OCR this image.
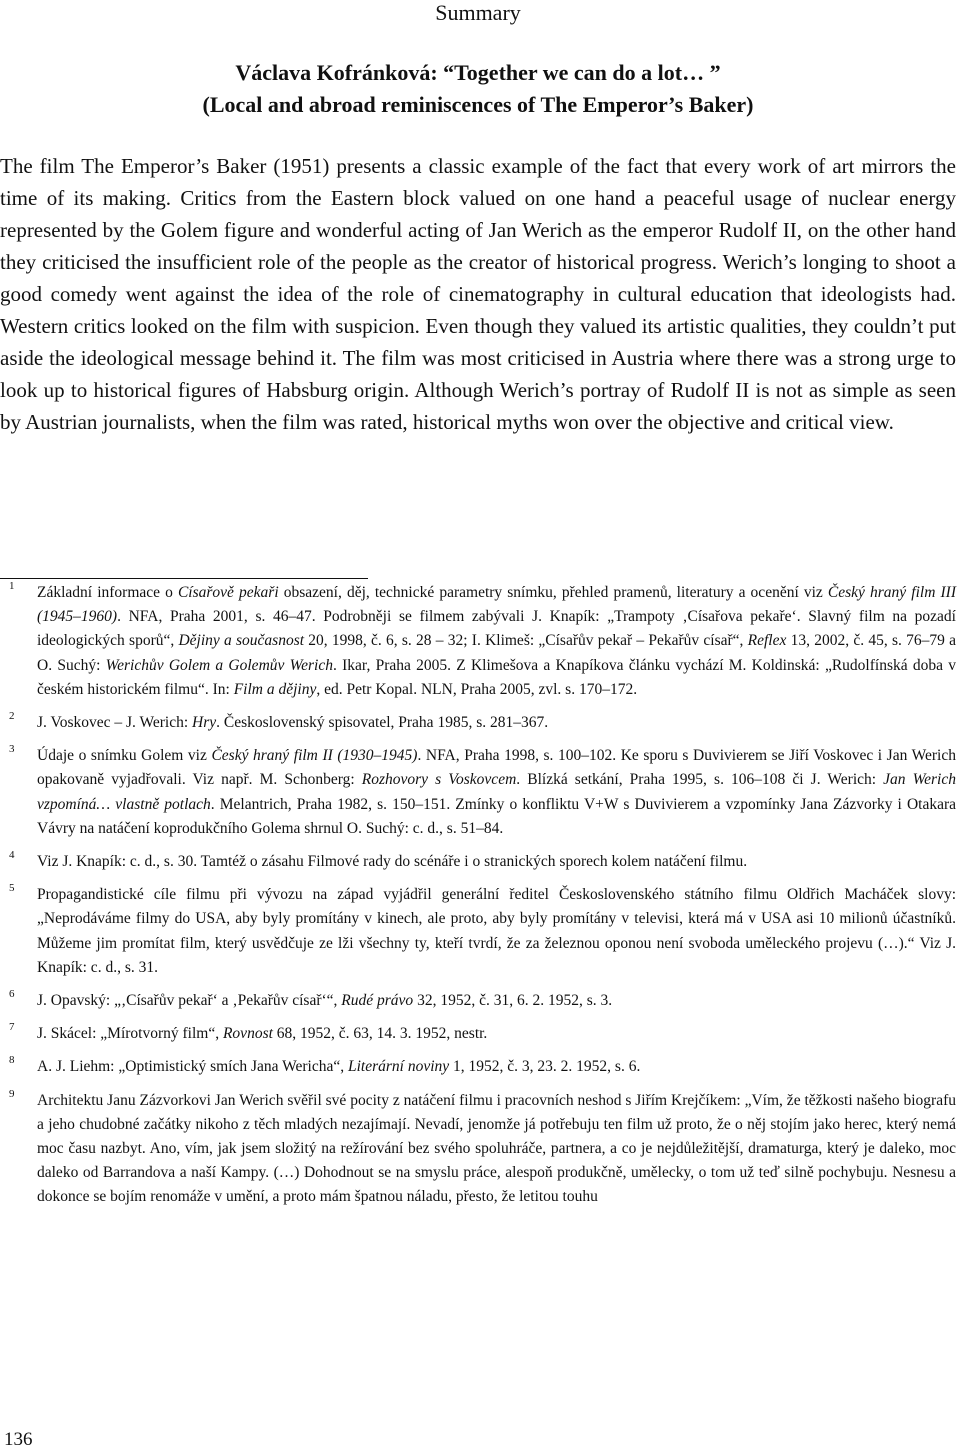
Summary
Václava Kofránková: “Together we can do a lot… ”
(Local and abroad reminiscences of The Emperor’s Baker)

The film The Emperor’s Baker (1951) presents a classic example of the fact that every work of art mirrors the time of its making. Critics from the Eastern block valued on one hand a peaceful usage of nuclear energy represented by the Golem figure and wonderful acting of Jan Werich as the emperor Rudolf II, on the other hand they criticised the insufficient role of the people as the creator of historical progress. Werich’s longing to shoot a good comedy went against the idea of the role of cinematography in cultural education that ideologists had. Western critics looked on the film with suspicion. Even though they valued its artistic qualities, they couldn’t put aside the ideological message behind it. The film was most criticised in Austria where there was a strong urge to look up to historical figures of Habsburg origin. Although Werich’s portray of Rudolf II is not as simple as seen by Austrian journalists, when the film was rated, historical myths won over the objective and critical view.

1 Základní informace o Císařově pekaři obsazení, děj, technické parametry snímku, přehled pramenů, literatury a ocenění viz Český hraný film III (1945–1960). NFA, Praha 2001, s. 46–47. Podrobněji se filmem zabývali J. Knapík: „Trampoty ‚Císařova pekaře‘. Slavný film na pozadí ideologických sporů“, Dějiny a současnost 20, 1998, č. 6, s. 28 – 32; I. Klimeš: „Císařův pekař – Pekařův císař“, Reflex 13, 2002, č. 45, s. 76–79 a O. Suchý: Werichův Golem a Golemův Werich. Ikar, Praha 2005. Z Klimešova a Knapíkova článku vychází M. Koldinská: „Rudolfínská doba v českém historickém filmu“. In: Film a dějiny, ed. Petr Kopal. NLN, Praha 2005, zvl. s. 170–172.
2 J. Voskovec – J. Werich: Hry. Československý spisovatel, Praha 1985, s. 281–367.
3 Údaje o snímku Golem viz Český hraný film II (1930–1945). NFA, Praha 1998, s. 100–102. Ke sporu s Duvivierem se Jiří Voskovec i Jan Werich opakovaně vyjadřovali. Viz např. M. Schonberg: Rozhovory s Voskovcem. Blízká setkání, Praha 1995, s. 106–108 či J. Werich: Jan Werich vzpomíná… vlastně potlach. Melantrich, Praha 1982, s. 150–151. Zmínky o konfliktu V+W s Duvivierem a vzpomínky Jana Zázvorky i Otakara Vávry na natáčení koprodukčního Golema shrnul O. Suchý: c. d., s. 51–84.
4 Viz J. Knapík: c. d., s. 30. Tamtéž o zásahu Filmové rady do scénáře i o stranických sporech kolem natáčení filmu.
5 Propagandistické cíle filmu při vývozu na západ vyjádřil generální ředitel Československého státního filmu Oldřich Macháček slovy: „Neprodáváme filmy do USA, aby byly promítány v kinech, ale proto, aby byly promítány v televisi, která má v USA asi 10 milionů účastníků. Můžeme jim promítat film, který usvědčuje ze lži všechny ty, kteří tvrdí, že za železnou oponou není svoboda uměleckého projevu (…).“ Viz J. Knapík: c. d., s. 31.
6 J. Opavský: „‚Císařův pekař‘ a ‚Pekařův císař‘“, Rudé právo 32, 1952, č. 31, 6. 2. 1952, s. 3.
7 J. Skácel: „Mírotvorný film“, Rovnost 68, 1952, č. 63, 14. 3. 1952, nestr.
8 A. J. Liehm: „Optimistický smích Jana Wericha“, Literární noviny 1, 1952, č. 3, 23. 2. 1952, s. 6.
9 Architektu Janu Zázvorkovi Jan Werich svěřil své pocity z natáčení filmu i pracovních neshod s Jiřím Krejčíkem: „Vím, že těžkosti našeho biografu a jeho chudobné začátky nikoho z těch mladých nezajímají. Nevadí, jenomže já potřebuju ten film už proto, že o něj stojím jako herec, který nemá moc času nazbyt. Ano, vím, jak jsem složitý na režírování bez svého spoluhráče, partnera, a co je nejdůležitější, dramaturga, který je daleko, moc daleko od Barrandova a naší Kampy. (…) Dohodnout se na smyslu práce, alespoň produkčně, umělecky, o tom už teď silně pochybuju. Nesnesu a dokonce se bojím renomáže v umění, a proto mám špatnou náladu, přesto, že letitou touhu
136
